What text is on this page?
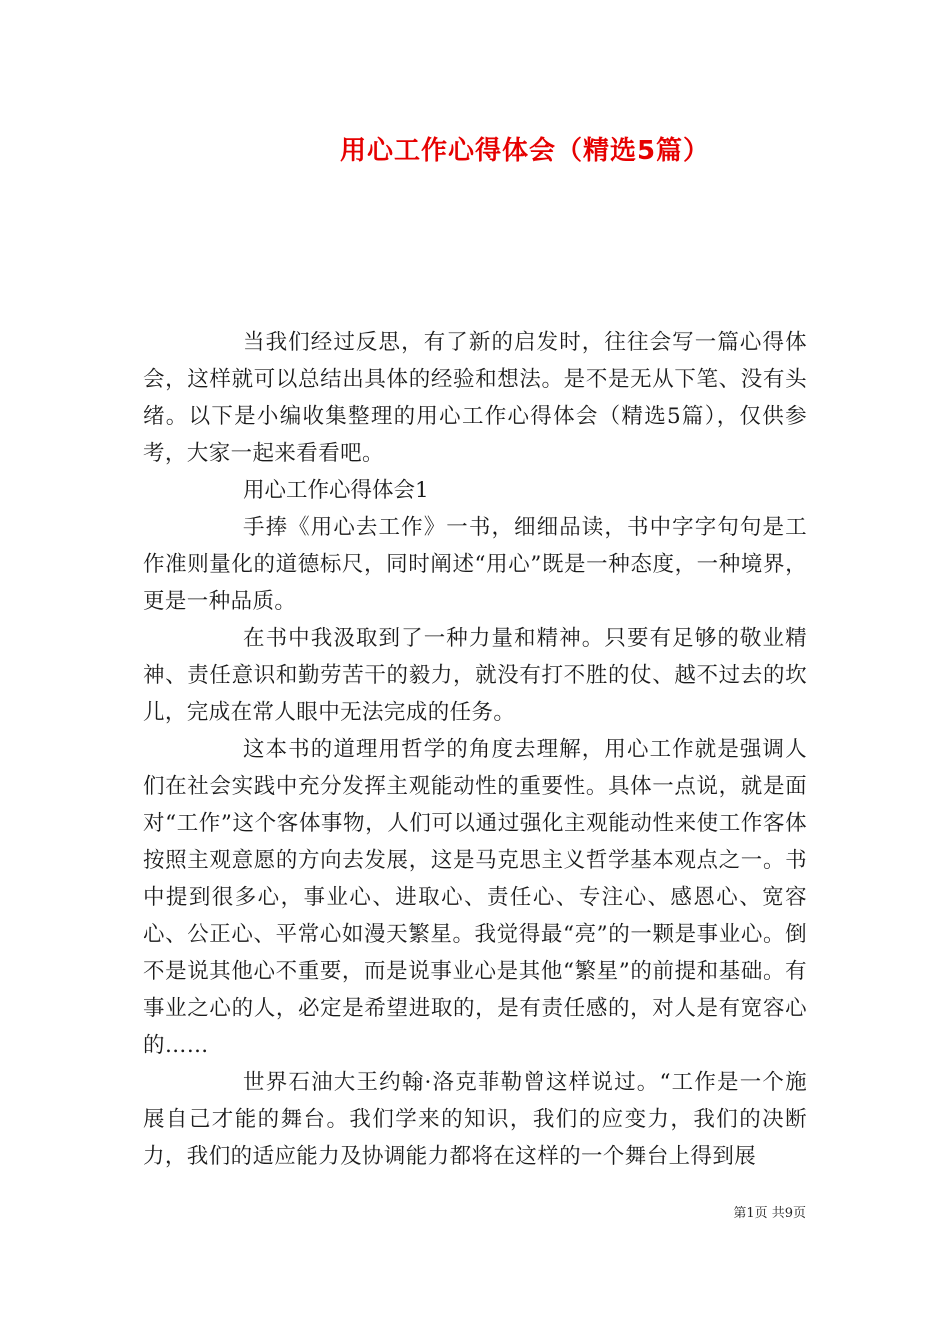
用心工作心得体会（精选5篇）

当我们经过反思，有了新的启发时，往往会写一篇心得体会，这样就可以总结出具体的经验和想法。是不是无从下笔、没有头绪。以下是小编收集整理的用心工作心得体会（精选5篇），仅供参考，大家一起来看看吧。

用心工作心得体会1

手捧《用心去工作》一书，细细品读，书中字字句句是工作准则量化的道德标尺，同时阐述“用心”既是一种态度，一种境界，更是一种品质。

在书中我汲取到了一种力量和精神。只要有足够的敬业精神、责任意识和勤劳苦干的毅力，就没有打不胜的仗、越不过去的坎儿，完成在常人眼中无法完成的任务。

这本书的道理用哲学的角度去理解，用心工作就是强调人们在社会实践中充分发挥主观能动性的重要性。具体一点说，就是面对“工作”这个客体事物，人们可以通过强化主观能动性来使工作客体按照主观意愿的方向去发展，这是马克思主义哲学基本观点之一。书中提到很多心，事业心、进取心、责任心、专注心、感恩心、宽容心、公正心、平常心如漫天繁星。我觉得最“亮”的一颗是事业心。倒不是说其他心不重要，而是说事业心是其他“繁星”的前提和基础。有事业之心的人，必定是希望进取的，是有责任感的，对人是有宽容心的……

世界石油大王约翰·洛克菲勒曾这样说过。“工作是一个施展自己才能的舞台。我们学来的知识，我们的应变力，我们的决断力，我们的适应能力及协调能力都将在这样的一个舞台上得到展

第1页 共9页
